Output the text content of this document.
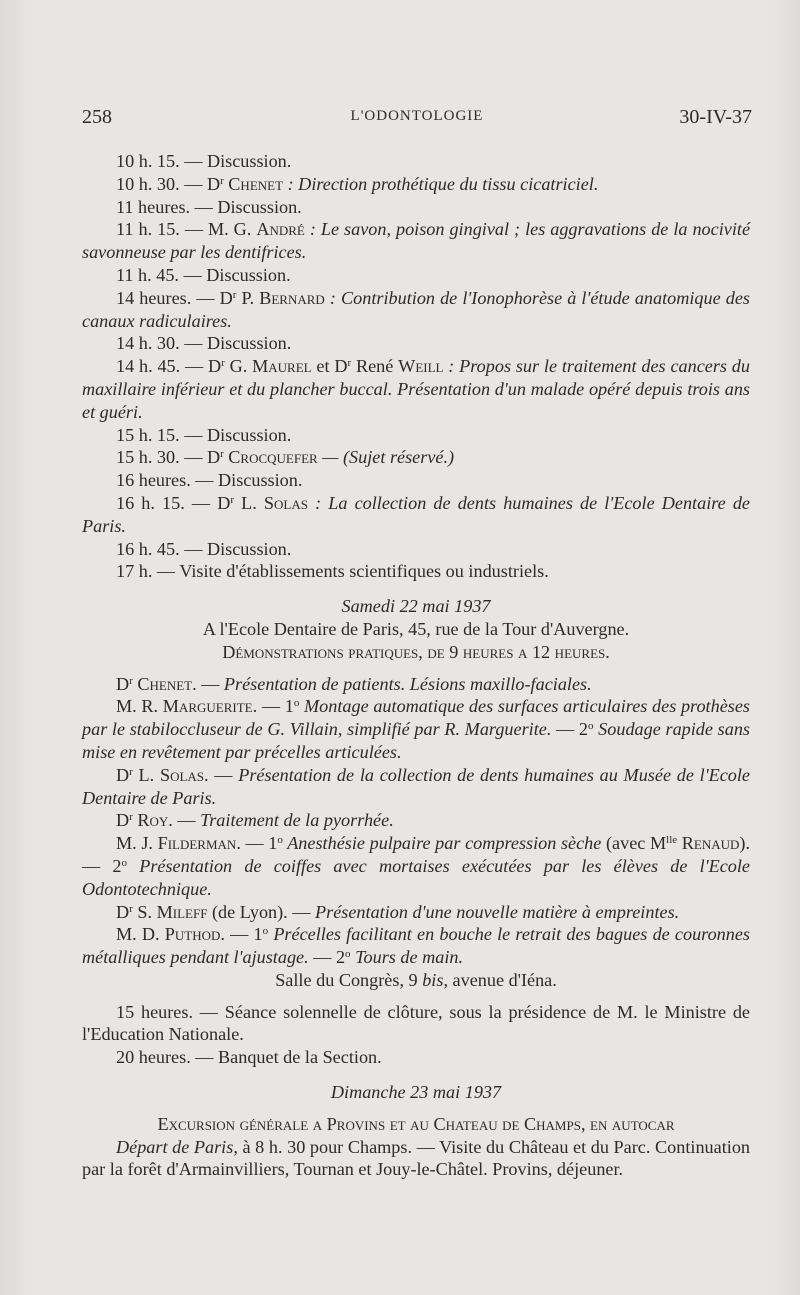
258	L'ODONTOLOGIE	30-IV-37

10 h. 15. — Discussion.

10 h. 30. — $D^r$ Chenet : Direction prothétique du tissu cicatriciel.

11 heures. — Discussion.

11 h. 15. — M. G. André : Le savon, poison gingival ; les aggravations de la nocivité savonneuse par les dentifrices.

11 h. 45. — Discussion.

14 heures. — $D^r$ P. Bernard : Contribution de l'Ionophorèse à l'étude anatomique des canaux radiculaires.

14 h. 30. — Discussion.

14 h. 45. — $D^r$ G. Maurel et $D^r$ René Weill : Propos sur le traitement des cancers du maxillaire inférieur et du plancher buccal. Présentation d'un malade opéré depuis trois ans et guéri.

15 h. 15. — Discussion.

15 h. 30. — $D^r$ Crocquefer — (Sujet réservé.)

16 heures. — Discussion.

16 h. 15. — $D^r$ L. Solas : La collection de dents humaines de l'Ecole Dentaire de Paris.

16 h. 45. — Discussion.

17 h. — Visite d'établissements scientifiques ou industriels.

Samedi 22 mai 1937

A l'Ecole Dentaire de Paris, 45, rue de la Tour d'Auvergne.

Démonstrations pratiques, de 9 heures a 12 heures.

$D^r$ Chenet. — Présentation de patients. Lésions maxillo-faciales.

M. R. Marguerite. — 1$^o$ Montage automatique des surfaces articulaires des prothèses par le stabiloccluseur de G. Villain, simplifié par R. Marguerite. — 2$^o$ Soudage rapide sans mise en revêtement par précelles articulées.

$D^r$ L. Solas. — Présentation de la collection de dents humaines au Musée de l'Ecole Dentaire de Paris.

$D^r$ Roy. — Traitement de la pyorrhée.

M. J. Filderman. — 1$^o$ Anesthésie pulpaire par compression sèche (avec $M^{lle}$ Renaud). — 2$^o$ Présentation de coiffes avec mortaises exécutées par les élèves de l'Ecole Odontotechnique.

$D^r$ S. Mileff (de Lyon). — Présentation d'une nouvelle matière à empreintes.

M. D. Puthod. — 1$^o$ Précelles facilitant en bouche le retrait des bagues de couronnes métalliques pendant l'ajustage. — 2$^o$ Tours de main.

Salle du Congrès, 9 bis, avenue d'Iéna.

15 heures. — Séance solennelle de clôture, sous la présidence de M. le Ministre de l'Education Nationale.

20 heures. — Banquet de la Section.

Dimanche 23 mai 1937

Excursion générale a Provins et au Chateau de Champs, en autocar

Départ de Paris, à 8 h. 30 pour Champs. — Visite du Château et du Parc. Continuation par la forêt d'Armainvilliers, Tournan et Jouy-le-Châtel. Provins, déjeuner.
